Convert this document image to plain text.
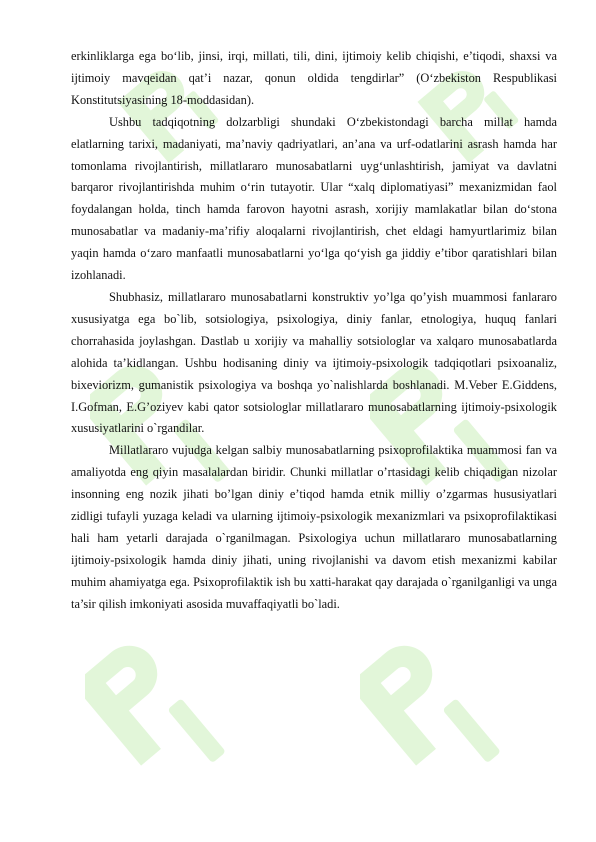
erkinliklarga ega bo‘lib, jinsi, irqi, millati, tili, dini, ijtimoiy kelib chiqishi, e’tiqodi, shaxsi va ijtimoiy mavqeidan qat’i nazar, qonun oldida tengdirlar” (O‘zbekiston Respublikasi Konstitutsiyasining 18-moddasidan).

Ushbu tadqiqotning dolzarbligi shundaki O‘zbekistondagi barcha millat hamda elatlarning tarixi, madaniyati, ma’naviy qadriyatlari, an’ana va urf-odatlarini asrash hamda har tomonlama rivojlantirish, millatlararo munosabatlarni uyg‘unlashtirish, jamiyat va davlatni barqaror rivojlantirishda muhim o‘rin tutayotir. Ular “xalq diplomatiyasi” mexanizmidan faol foydalangan holda, tinch hamda farovon hayotni asrash, xorijiy mamlakatlar bilan do‘stona munosabatlar va madaniy-ma’rifiy aloqalarni rivojlantirish, chet eldagi hamyurtlarimiz bilan yaqin hamda o‘zaro manfaatli munosabatlarni yo‘lga qo‘yish ga jiddiy e’tibor qaratishlari bilan izohlanadi.

Shubhasiz, millatlararo munosabatlarni konstruktiv yo’lga qo’yish muammosi fanlararo xususiyatga ega bo`lib, sotsiologiya, psixologiya, diniy fanlar, etnologiya, huquq fanlari chorrahasida joylashgan. Dastlab u xorijiy va mahalliy sotsiologlar va xalqaro munosabatlarda alohida ta’kidlangan. Ushbu hodisaning diniy va ijtimoiy-psixologik tadqiqotlari psixoanaliz, bixeviorizm, gumanistik psixologiya va boshqa yo`nalishlarda boshlanadi. M.Veber E.Giddens, I.Gofman, E.G’oziyev kabi qator sotsiologlar millatlararo munosabatlarning ijtimoiy-psixologik xususiyatlarini o`rgandilar.

Millatlararo vujudga kelgan salbiy munosabatlarning psixoprofilaktika muammosi fan va amaliyotda eng qiyin masalalardan biridir. Chunki millatlar o’rtasidagi kelib chiqadigan nizolar insonning eng nozik jihati bo’lgan diniy e’tiqod hamda etnik milliy o’zgarmas hususiyatlari zidligi tufayli yuzaga keladi va ularning ijtimoiy-psixologik mexanizmlari va psixoprofilaktikasi hali ham yetarli darajada o`rganilmagan. Psixologiya uchun millatlararo munosabatlarning ijtimoiy-psixologik hamda diniy jihati, uning rivojlanishi va davom etish mexanizmi kabilar muhim ahamiyatga ega. Psixoprofilaktik ish bu xatti-harakat qay darajada o`rganilganligi va unga ta’sir qilish imkoniyati asosida muvaffaqiyatli bo`ladi.
